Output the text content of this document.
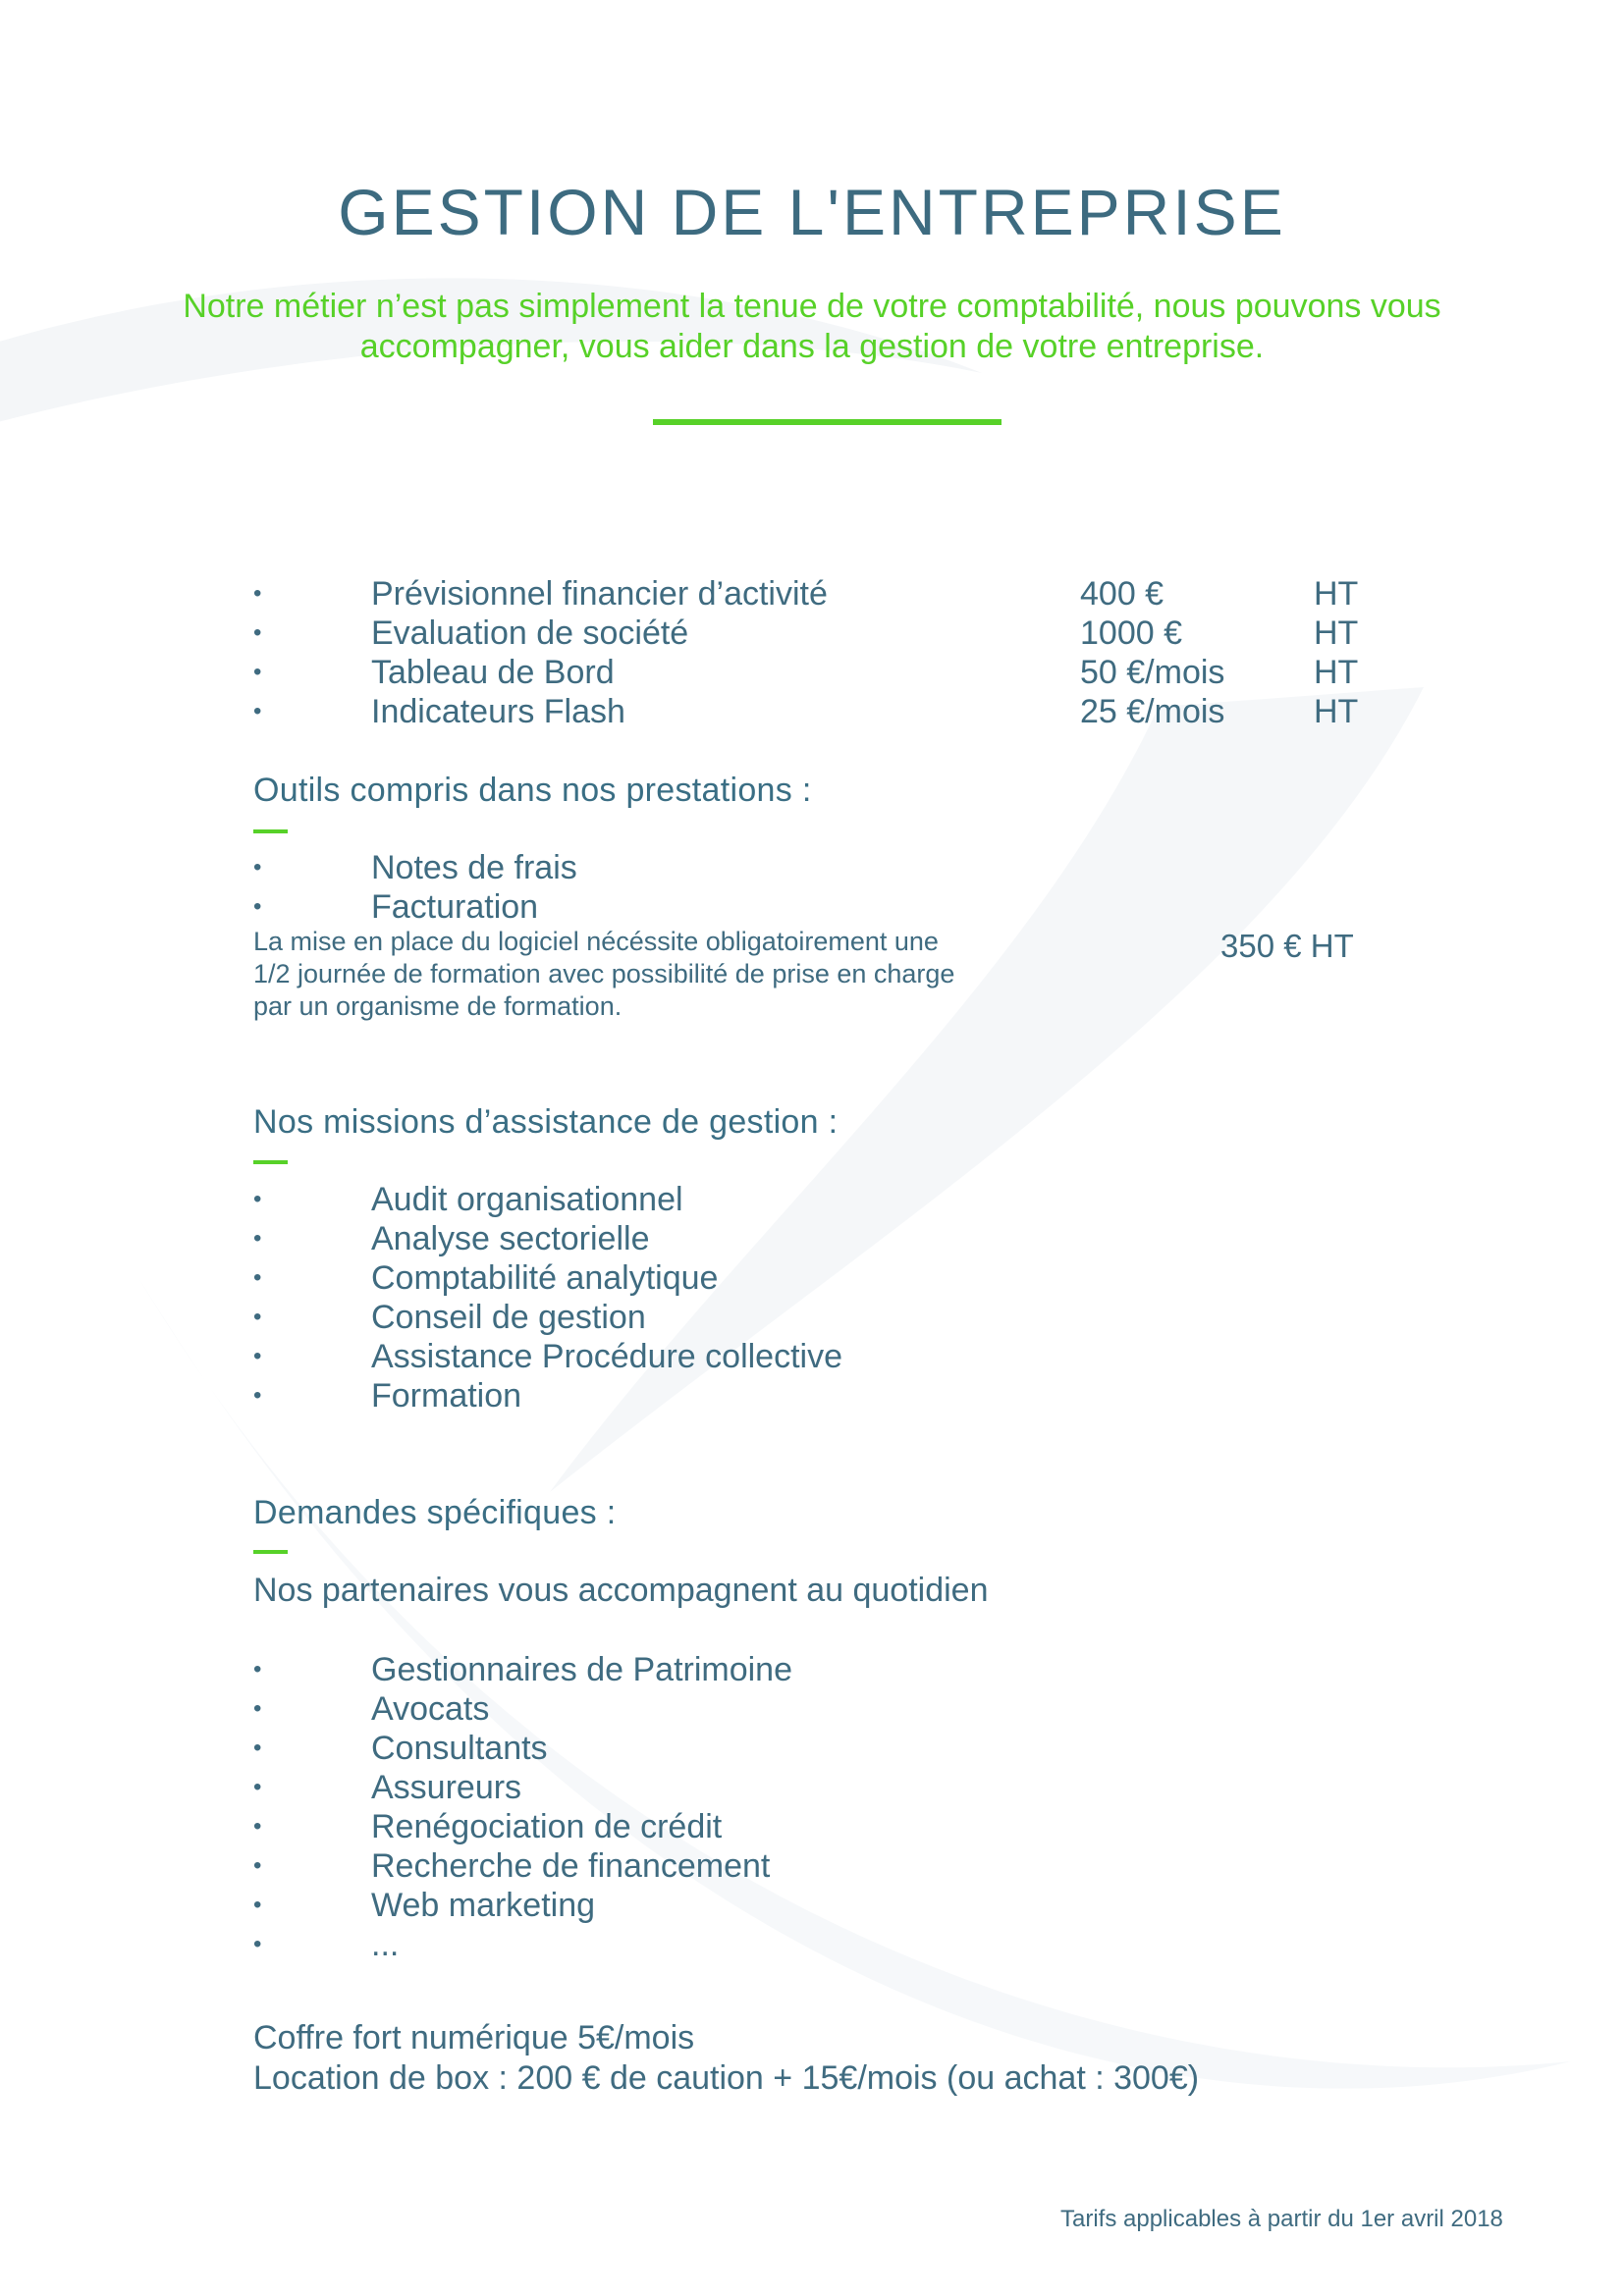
GESTION DE L'ENTREPRISE
Notre métier n’est pas simplement la tenue de votre comptabilité, nous pouvons vous
accompagner, vous aider dans la gestion de votre entreprise.
•	Prévisionnel financier d’activité	400 €	HT
•	Evaluation de société	1000 €	HT
•	Tableau de Bord	50 €/mois	HT
•	Indicateurs Flash	25 €/mois	HT
Outils compris dans nos prestations :
•	Notes de frais
•	Facturation
La mise en place du logiciel nécéssite obligatoirement une
1/2 journée de formation avec possibilité de prise en charge
par un organisme de formation.
350 € HT
Nos missions d’assistance de gestion :
•	Audit organisationnel
•	Analyse sectorielle
•	Comptabilité analytique
•	Conseil de gestion
•	Assistance Procédure collective
•	Formation
Demandes spécifiques :
Nos partenaires vous accompagnent au quotidien
•	Gestionnaires de Patrimoine
•	Avocats
•	Consultants
•	Assureurs
•	Renégociation de crédit
•	Recherche de financement
•	Web marketing
•	...
Coffre fort numérique 5€/mois
Location de box : 200 € de caution + 15€/mois (ou achat : 300€)
Tarifs applicables à partir du 1er avril 2018
